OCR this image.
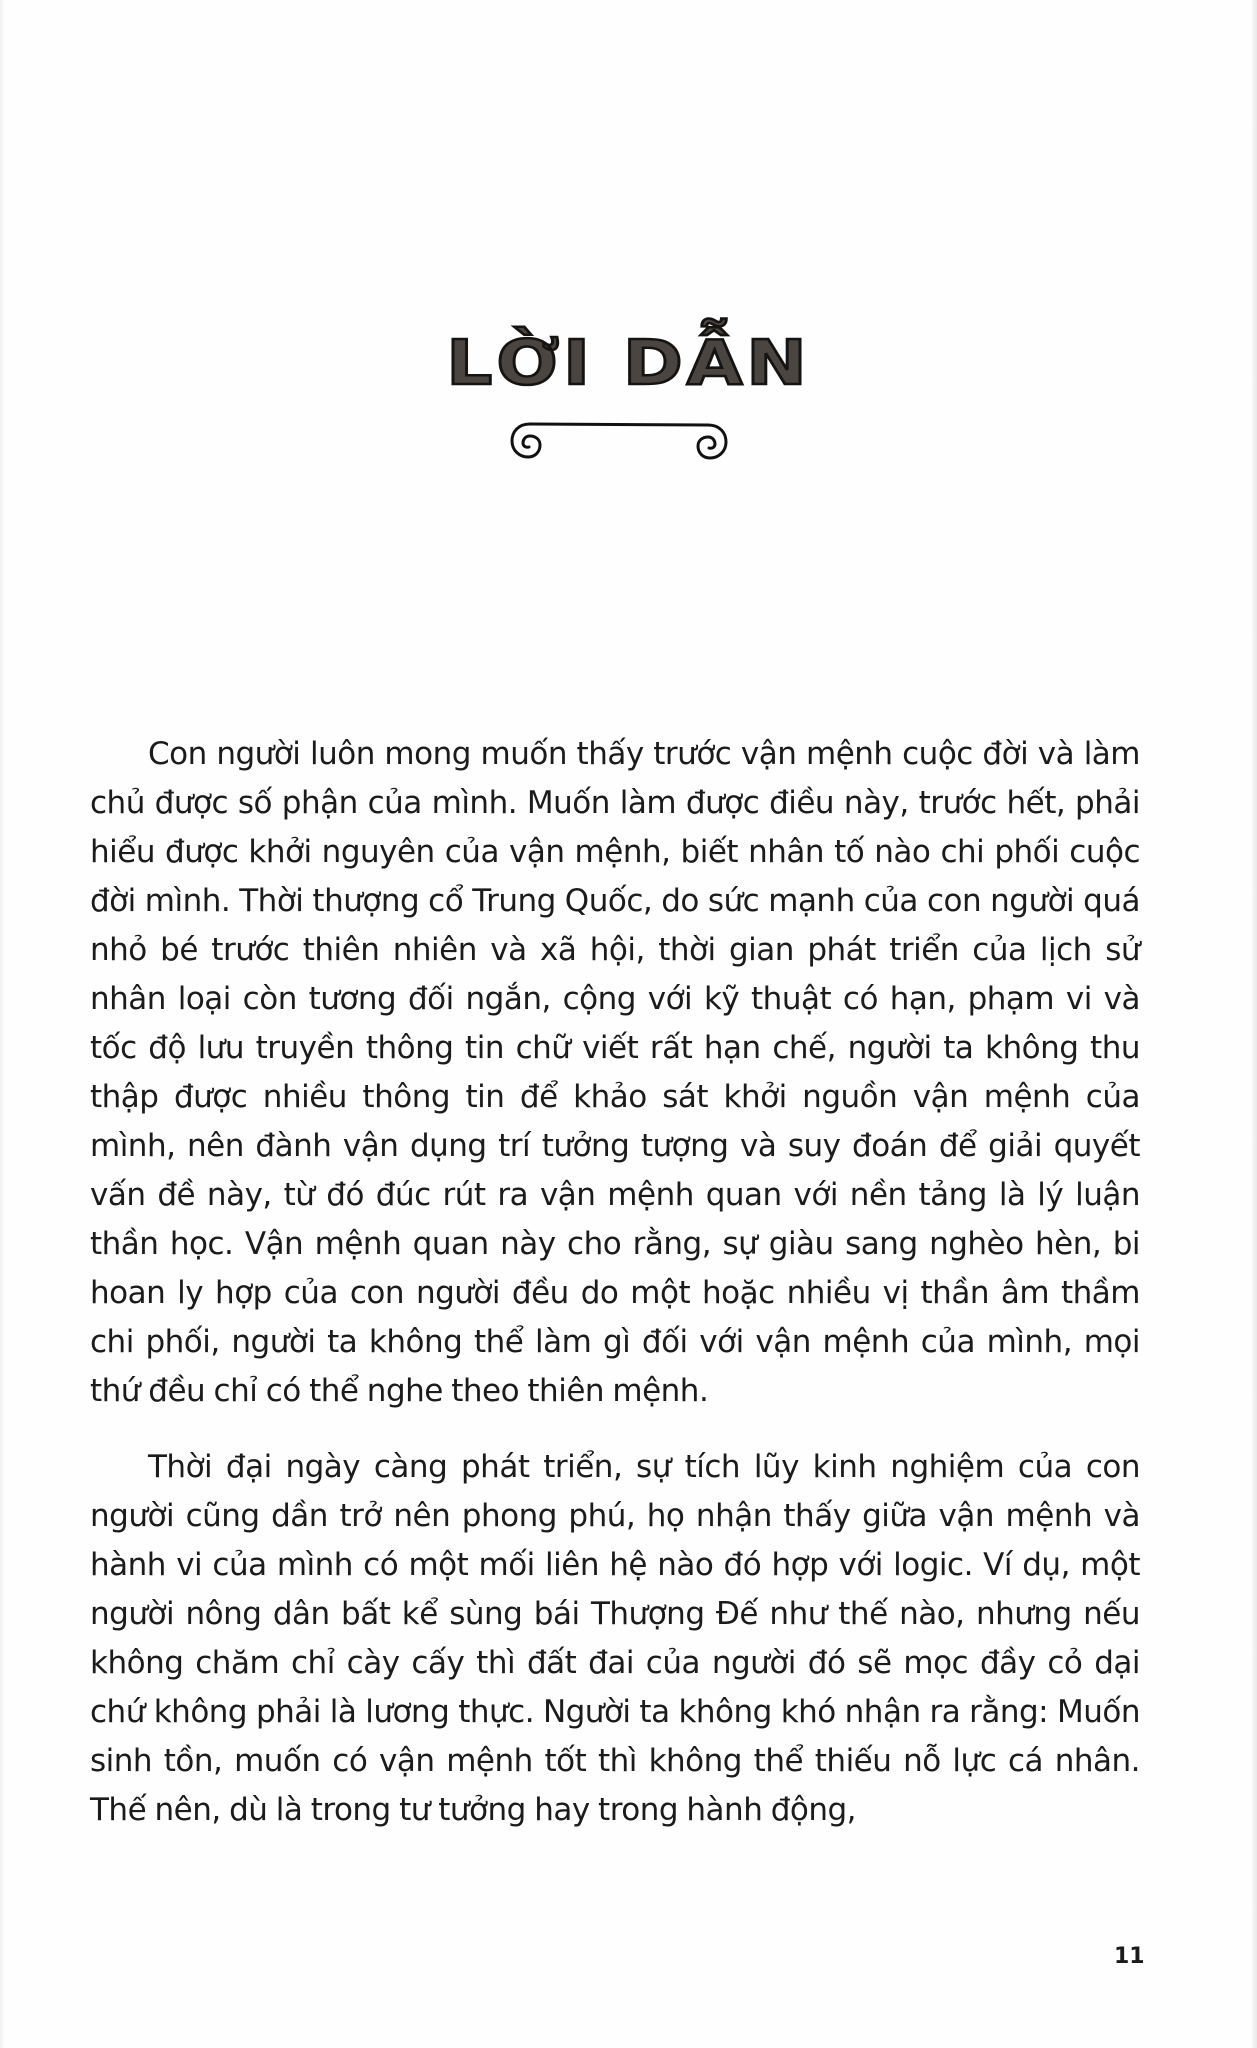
LỜI DẪN

Con người luôn mong muốn thấy trước vận mệnh cuộc đời và làm chủ được số phận của mình. Muốn làm được điều này, trước hết, phải hiểu được khởi nguyên của vận mệnh, biết nhân tố nào chi phối cuộc đời mình. Thời thượng cổ Trung Quốc, do sức mạnh của con người quá nhỏ bé trước thiên nhiên và xã hội, thời gian phát triển của lịch sử nhân loại còn tương đối ngắn, cộng với kỹ thuật có hạn, phạm vi và tốc độ lưu truyền thông tin chữ viết rất hạn chế, người ta không thu thập được nhiều thông tin để khảo sát khởi nguồn vận mệnh của mình, nên đành vận dụng trí tưởng tượng và suy đoán để giải quyết vấn đề này, từ đó đúc rút ra vận mệnh quan với nền tảng là lý luận thần học. Vận mệnh quan này cho rằng, sự giàu sang nghèo hèn, bi hoan ly hợp của con người đều do một hoặc nhiều vị thần âm thầm chi phối, người ta không thể làm gì đối với vận mệnh của mình, mọi thứ đều chỉ có thể nghe theo thiên mệnh.

Thời đại ngày càng phát triển, sự tích lũy kinh nghiệm của con người cũng dần trở nên phong phú, họ nhận thấy giữa vận mệnh và hành vi của mình có một mối liên hệ nào đó hợp với logic. Ví dụ, một người nông dân bất kể sùng bái Thượng Đế như thế nào, nhưng nếu không chăm chỉ cày cấy thì đất đai của người đó sẽ mọc đầy cỏ dại chứ không phải là lương thực. Người ta không khó nhận ra rằng: Muốn sinh tồn, muốn có vận mệnh tốt thì không thể thiếu nỗ lực cá nhân. Thế nên, dù là trong tư tưởng hay trong hành động,

11
